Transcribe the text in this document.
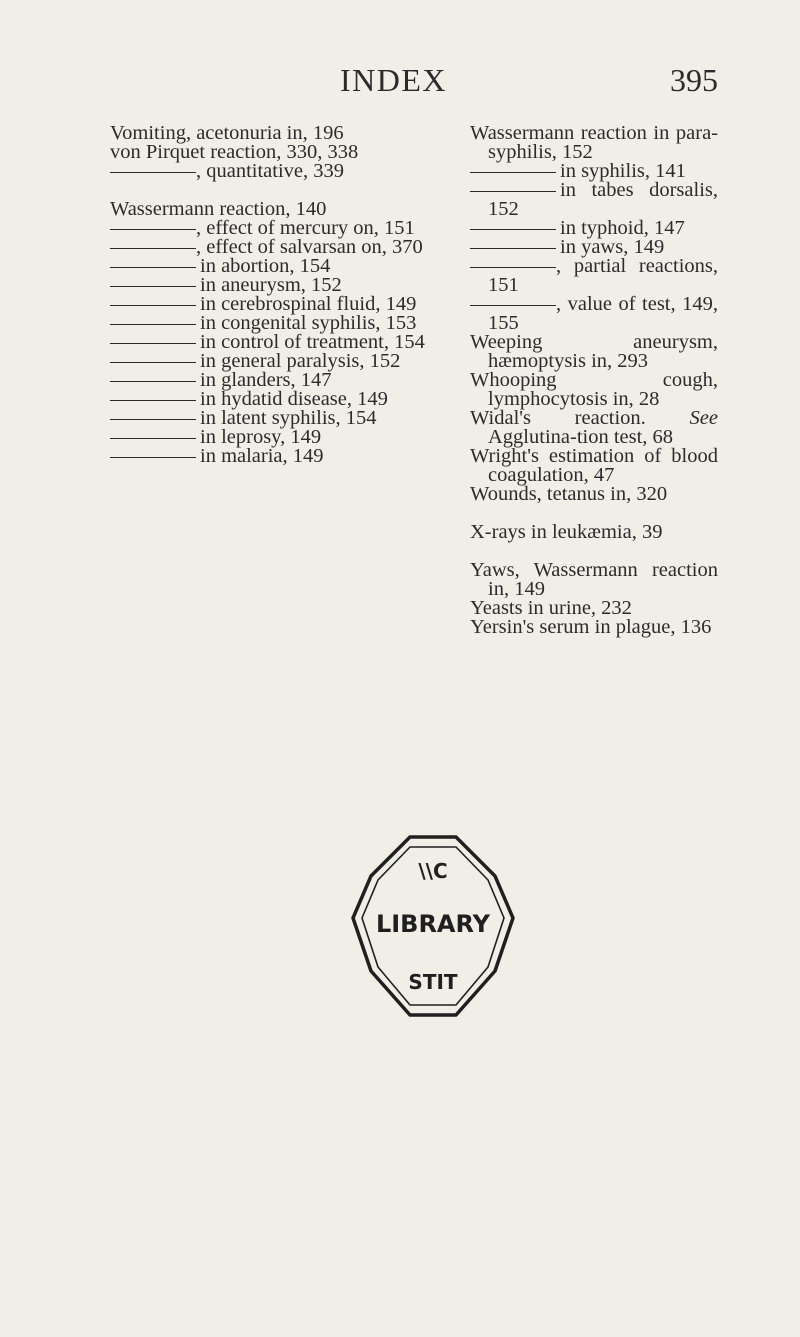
INDEX	395

Vomiting, acetonuria in, 196

von Pirquet reaction, 330, 338

, quantitative, 339

Wassermann reaction, 140

, effect of mercury on, 151

, effect of salvarsan on, 370

in abortion, 154

in aneurysm, 152

in cerebrospinal fluid, 149

in congenital syphilis, 153

in control of treatment, 154

in general paralysis, 152

in glanders, 147

in hydatid disease, 149

in latent syphilis, 154

in leprosy, 149

in malaria, 149

Wassermann reaction in para-syphilis, 152

in syphilis, 141

in tabes dorsalis, 152

in typhoid, 147

in yaws, 149

, partial reactions, 151

, value of test, 149, 155

Weeping aneurysm, hæmoptysis in, 293

Whooping cough, lymphocytosis in, 28

Widal's reaction. See Agglutina-tion test, 68

Wright's estimation of blood coagulation, 47

Wounds, tetanus in, 320

X-rays in leukæmia, 39

Yaws, Wassermann reaction in, 149

Yeasts in urine, 232

Yersin's serum in plague, 136

\\C
LIBRARY
STIT
